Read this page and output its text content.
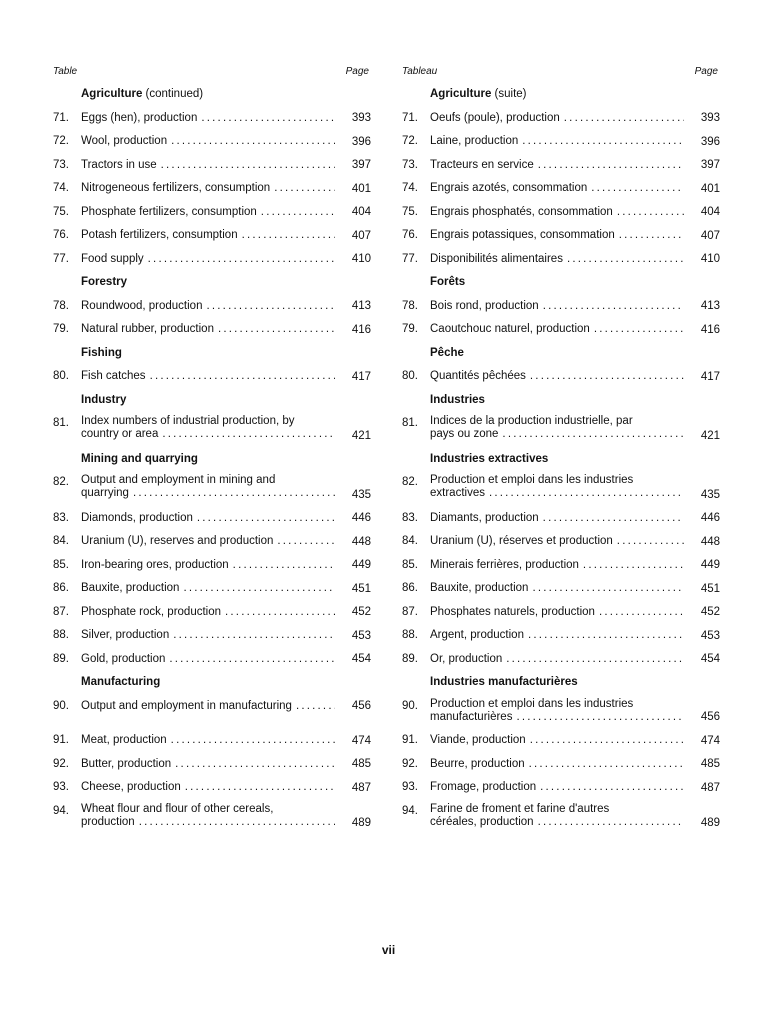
Table	Page
Agriculture (continued)
71. Eggs (hen), production .....	393
72. Wool, production .....	396
73. Tractors in use .....	397
74. Nitrogeneous fertilizers, consumption .....	401
75. Phosphate fertilizers, consumption .....	404
76. Potash fertilizers, consumption .....	407
77. Food supply .....	410
Forestry
78. Roundwood, production .....	413
79. Natural rubber, production .....	416
Fishing
80. Fish catches .....	417
Industry
81. Index numbers of industrial production, by
country or area .....	421
Mining and quarrying
82. Output and employment in mining and
quarrying .....	435
83. Diamonds, production .....	446
84. Uranium (U), reserves and production .....	448
85. Iron-bearing ores, production .....	449
86. Bauxite, production .....	451
87. Phosphate rock, production .....	452
88. Silver, production .....	453
89. Gold, production .....	454
Manufacturing
90. Output and employment in manufacturing .....	456
91. Meat, production .....	474
92. Butter, production .....	485
93. Cheese, production .....	487
94. Wheat flour and flour of other cereals,
production .....	489
Tableau	Page
Agriculture (suite)
71. Oeufs (poule), production .....	393
72. Laine, production .....	396
73. Tracteurs en service .....	397
74. Engrais azotés, consommation .....	401
75. Engrais phosphatés, consommation .....	404
76. Engrais potassiques, consommation .....	407
77. Disponibilités alimentaires .....	410
Forêts
78. Bois rond, production .....	413
79. Caoutchouc naturel, production .....	416
Pêche
80. Quantités pêchées .....	417
Industries
81. Indices de la production industrielle, par
pays ou zone .....	421
Industries extractives
82. Production et emploi dans les industries
extractives .....	435
83. Diamants, production .....	446
84. Uranium (U), réserves et production .....	448
85. Minerais ferrières, production .....	449
86. Bauxite, production .....	451
87. Phosphates naturels, production .....	452
88. Argent, production .....	453
89. Or, production .....	454
Industries manufacturières
90. Production et emploi dans les industries
manufacturières .....	456
91. Viande, production .....	474
92. Beurre, production .....	485
93. Fromage, production .....	487
94. Farine de froment et farine d'autres
céréales, production .....	489
vii
